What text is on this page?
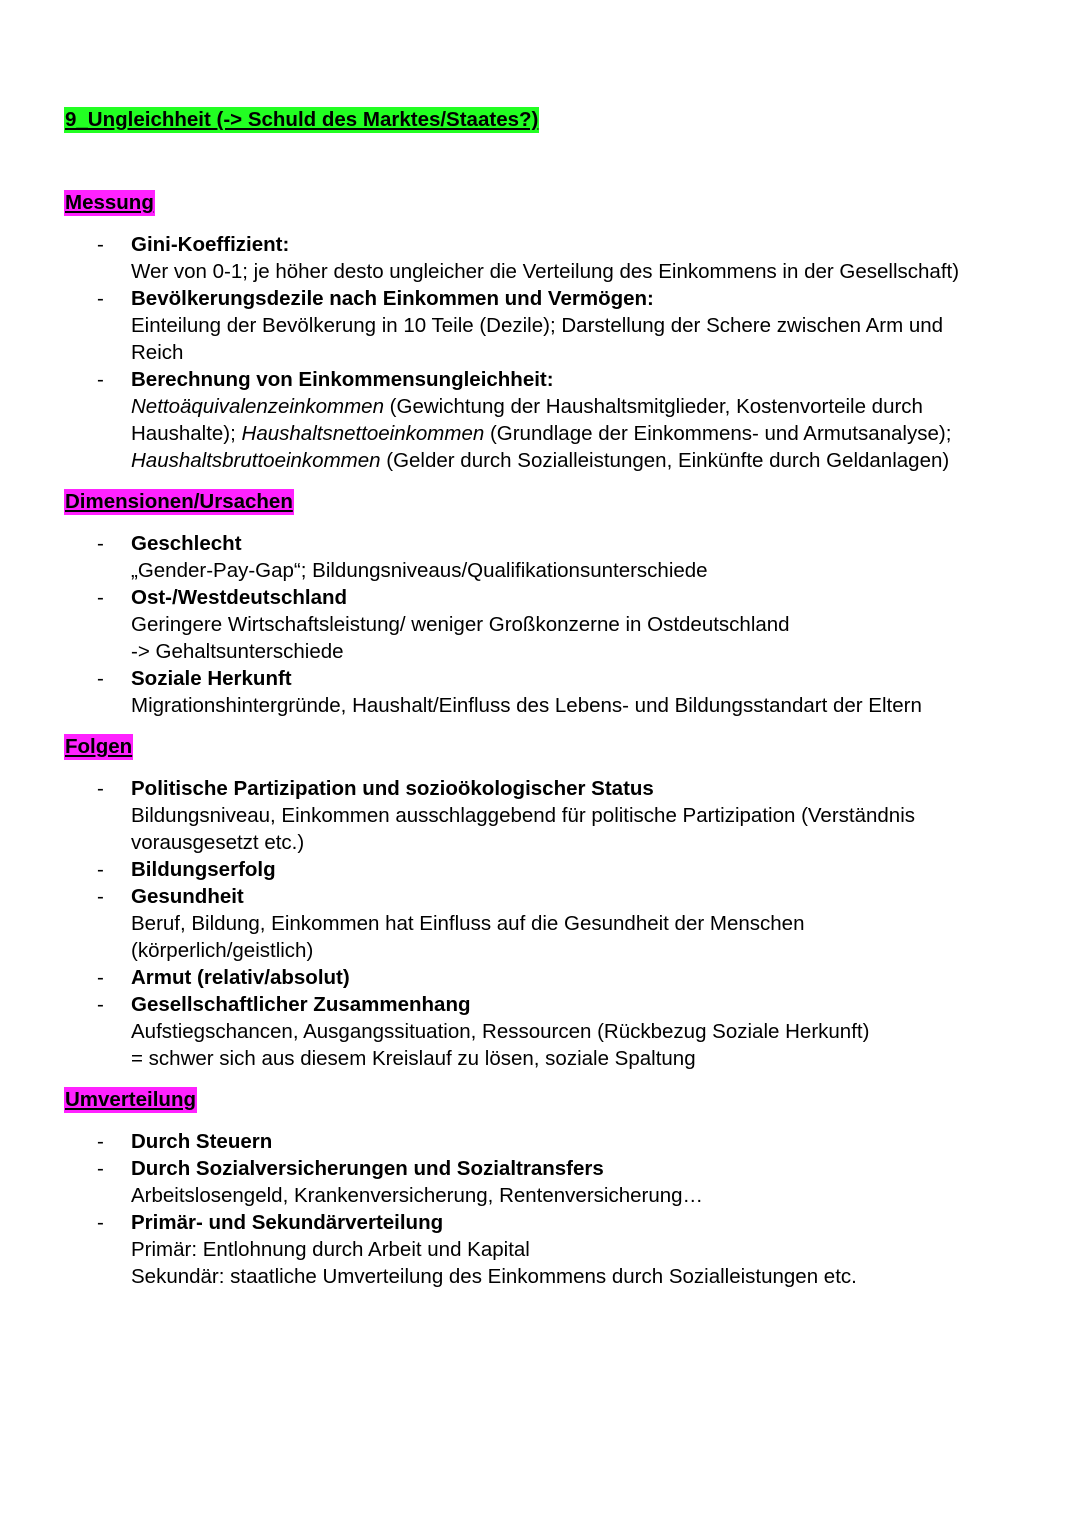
9_Ungleichheit (-> Schuld des Marktes/Staates?)
Messung
- Gini-Koeffizient:
Wer von 0-1; je höher desto ungleicher die Verteilung des Einkommens in der Gesellschaft)
- Bevölkerungsdezile nach Einkommen und Vermögen:
Einteilung der Bevölkerung in 10 Teile (Dezile); Darstellung der Schere zwischen Arm und
Reich
- Berechnung von Einkommensungleichheit:
Nettoäquivalenzeinkommen (Gewichtung der Haushaltsmitglieder, Kostenvorteile durch
Haushalte); Haushaltsnettoeinkommen (Grundlage der Einkommens- und Armutsanalyse);
Haushaltsbruttoeinkommen (Gelder durch Sozialleistungen, Einkünfte durch Geldanlagen)
Dimensionen/Ursachen
- Geschlecht
„Gender-Pay-Gap“; Bildungsniveaus/Qualifikationsunterschiede
- Ost-/Westdeutschland
Geringere Wirtschaftsleistung/ weniger Großkonzerne in Ostdeutschland
-> Gehaltsunterschiede
- Soziale Herkunft
Migrationshintergründe, Haushalt/Einfluss des Lebens- und Bildungsstandart der Eltern
Folgen
- Politische Partizipation und sozioökologischer Status
Bildungsniveau, Einkommen ausschlaggebend für politische Partizipation (Verständnis
vorausgesetzt etc.)
- Bildungserfolg
- Gesundheit
Beruf, Bildung, Einkommen hat Einfluss auf die Gesundheit der Menschen
(körperlich/geistlich)
- Armut (relativ/absolut)
- Gesellschaftlicher Zusammenhang
Aufstiegschancen, Ausgangssituation, Ressourcen (Rückbezug Soziale Herkunft)
= schwer sich aus diesem Kreislauf zu lösen, soziale Spaltung
Umverteilung
- Durch Steuern
- Durch Sozialversicherungen und Sozialtransfers
Arbeitslosengeld, Krankenversicherung, Rentenversicherung…
- Primär- und Sekundärverteilung
Primär: Entlohnung durch Arbeit und Kapital
Sekundär: staatliche Umverteilung des Einkommens durch Sozialleistungen etc.
